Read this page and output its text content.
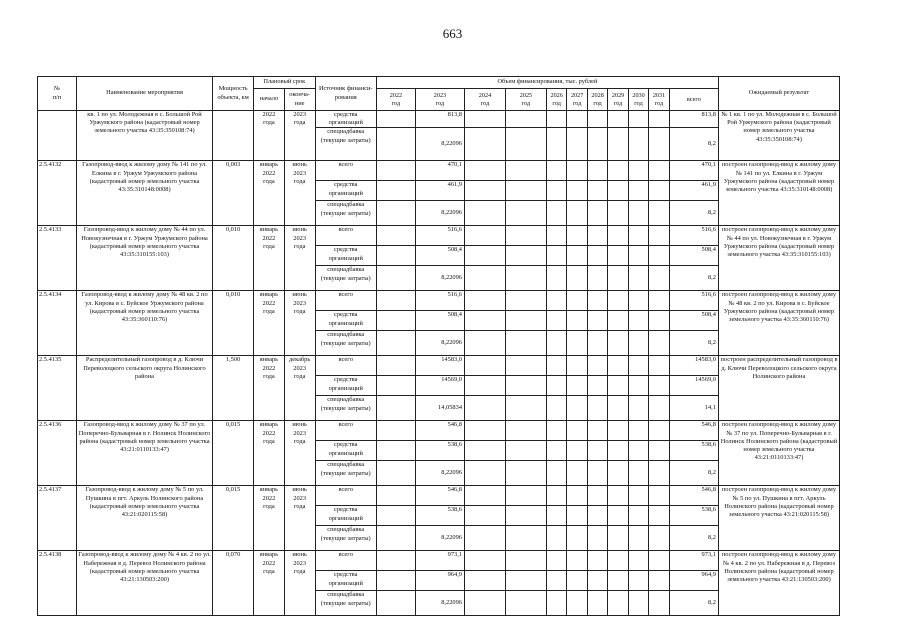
663
№
п/п	Наименование мероприятия	Мощность объекта, км	Плановый срок		Источник финанси-
рования	Объем финансирования, тыс. рублей											Ожидаемый результат
			начало	оконча-
ние		2022
год	2023
год	2024
год	2025
год	2026
год	2027
год	2028
год	2029
год	2030
год	2031
год	всего	
	кв. 1 по ул. Молодежная в с. Большой Рой Уржумского района (кадастровый номер земельного участка 43:35:350108:74)		2022
года	2023
года	средства организаций		813,8									813,8	№ 1 кв. 1 по ул. Молодежная в с. Большой Рой Уржумского района (кадастровый номер земельного участка 43:35:350108:74)
					спецнадбавка (текущие затраты)		8,22096									8,2	
2.5.4132	Газопровод-ввод к жилому дому № 141 по ул. Елкина в г. Уржум Уржумского района (кадастровый номер земельного участка 43:35:310148:0008)	0,003	январь
2022
года	июнь
2023
года	всего		470,1									470,1	построен газопровод-ввод к жилому дому № 141 по ул. Елкина в г. Уржум Уржумского района (кадастровый номер земельного участка 43:35:310148:0008)
					средства организаций		461,9									461,9	
					спецнадбавка (текущие затраты)		8,22096									8,2	
2.5.4133	Газопровод-ввод к жилому дому № 44 по ул. Новокузнечная в г. Уржум Уржумского района (кадастровый номер земельного участка 43:35:310155:103)	0,010	январь
2022
года	июнь
2023
года	всего		516,6									516,6	построен газопровод-ввод к жилому дому № 44 по ул. Новокузнечная в г. Уржум Уржумского района (кадастровый номер земельного участка 43:35:310155:103)
					средства организаций		508,4									508,4	
					спецнадбавка (текущие затраты)		8,22096									8,2	
2.5.4134	Газопровод-ввод к жилому дому № 48 кв. 2 по ул. Кирова в с. Буйское Уржумского района (кадастровый номер земельного участка 43:35:360110:76)	0,010	январь
2022
года	июнь
2023
года	всего		516,6									516,6	построен газопровод-ввод к жилому дому № 48 кв. 2 по ул. Кирова в с. Буйское Уржумского района (кадастровый номер земельного участка 43:35:360110:76)
					средства организаций		508,4									508,4	
					спецнадбавка (текущие затраты)		8,22096									8,2	
2.5.4135	Распределительный газопровод в д. Ключи Переволоцкого сельского округа Нолинского района	1,500	январь
2022
года	декабрь
2023
года	всего		14583,0									14583,0	построен распределительный газопровод в д. Ключи Переволоцкого сельского округа Нолинского района
					средства организаций		14569,0									14569,0	
					спецнадбавка (текущие затраты)		14,05834									14,1	
2.5.4136	Газопровод-ввод к жилому дому № 37 по ул. Поперечно-Бульварная в г. Нолинск Нолинского района (кадастровый номер земельного участка 43:21:0110133:47)	0,015	январь
2022
года	июнь
2023
года	всего		546,8									546,8	построен газопровод-ввод к жилому дому № 37 по ул. Поперечно-Бульварная в г. Нолинск Нолинского района (кадастровый номер земельного участка 43:21:0110133:47)
					средства организаций		538,6									538,6	
					спецнадбавка (текущие затраты)		8,22096									8,2	
2.5.4137	Газопровод-ввод к жилому дому № 5 по ул. Пушкина в пгт. Аркуль Нолинского района (кадастровый номер земельного участка 43:21:020115:58)	0,015	январь
2022
года	июнь
2023
года	всего		546,8									546,8	построен газопровод-ввод к жилому дому № 5 по ул. Пушкина в пгт. Аркуль Нолинского района (кадастровый номер земельного участка 43:21:020115:58)
					средства организаций		538,6									538,6	
					спецнадбавка (текущие затраты)		8,22096									8,2	
2.5.4138	Газопровод-ввод к жилому дому № 4 кв. 2 по ул. Набережная в д. Перевоз Нолинского района (кадастровый номер земельного участка 43:21:130503:200)	0,070	январь
2022
года	июнь
2023
года	всего		973,1									973,1	построен газопровод-ввод к жилому дому № 4 кв. 2 по ул. Набережная в д. Перевоз Нолинского района (кадастровый номер земельного участка 43:21:130503:200)
					средства организаций		964,9									964,9	
					спецнадбавка (текущие затраты)		8,22096									8,2	
